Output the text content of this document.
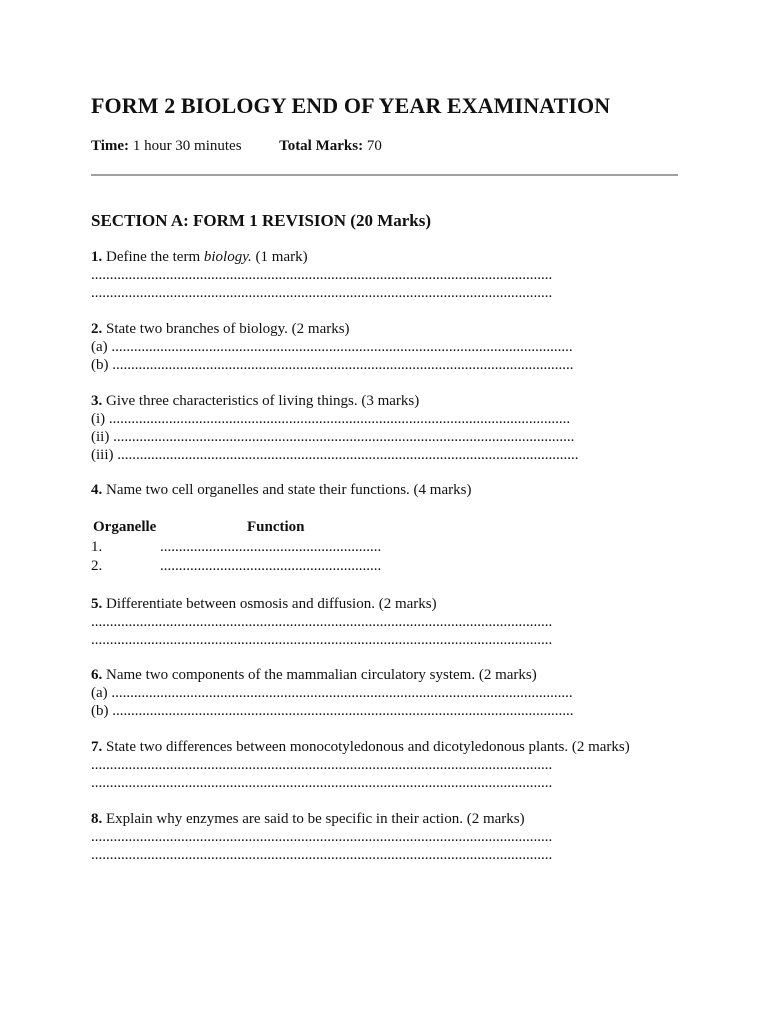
FORM 2 BIOLOGY END OF YEAR EXAMINATION
Time: 1 hour 30 minutes	Total Marks: 70
SECTION A: FORM 1 REVISION (20 Marks)
1. Define the term biology. (1 mark)
...........................................................................................................................
...........................................................................................................................
2. State two branches of biology. (2 marks)
(a) ...........................................................................................................................
(b) ...........................................................................................................................
3. Give three characteristics of living things. (3 marks)
(i) ...........................................................................................................................
(ii) ...........................................................................................................................
(iii) ...........................................................................................................................
4. Name two cell organelles and state their functions. (4 marks)
Organelle	Function
1.	...........................................................
2.	...........................................................
5. Differentiate between osmosis and diffusion. (2 marks)
...........................................................................................................................
...........................................................................................................................
6. Name two components of the mammalian circulatory system. (2 marks)
(a) ...........................................................................................................................
(b) ...........................................................................................................................
7. State two differences between monocotyledonous and dicotyledonous plants. (2 marks)
...........................................................................................................................
...........................................................................................................................
8. Explain why enzymes are said to be specific in their action. (2 marks)
...........................................................................................................................
...........................................................................................................................
